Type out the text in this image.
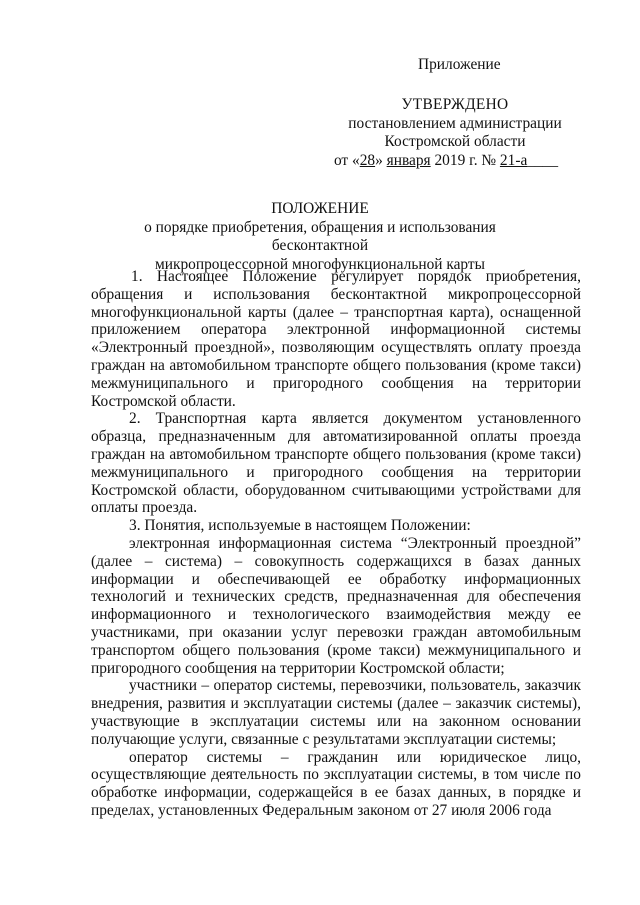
Приложение
УТВЕРЖДЕНО
постановлением администрации
Костромской области
от «28» января 2019 г. № 21-а____
ПОЛОЖЕНИЕ
о порядке приобретения, обращения и использования бесконтактной
микропроцессорной многофункциональной карты

1. Настоящее Положение регулирует порядок приобретения, обращения и использования бесконтактной микропроцессорной многофункциональной карты (далее – транспортная карта), оснащенной приложением оператора электронной информационной системы «Электронный проездной», позволяющим осуществлять оплату проезда граждан на автомобильном транспорте общего пользования (кроме такси) межмуниципального и пригородного сообщения на территории Костромской области.

2. Транспортная карта является документом установленного образца, предназначенным для автоматизированной оплаты проезда граждан на автомобильном транспорте общего пользования (кроме такси) межмуниципального и пригородного сообщения на территории Костромской области, оборудованном считывающими устройствами для оплаты проезда.

3. Понятия, используемые в настоящем Положении:

электронная информационная система “Электронный проездной” (далее – система) – совокупность содержащихся в базах данных информации и обеспечивающей ее обработку информационных технологий и технических средств, предназначенная для обеспечения информационного и технологического взаимодействия между ее участниками, при оказании услуг перевозки граждан автомобильным транспортом общего пользования (кроме такси) межмуниципального и пригородного сообщения на территории Костромской области;

участники – оператор системы, перевозчики, пользователь, заказчик внедрения, развития и эксплуатации системы (далее – заказчик системы), участвующие в эксплуатации системы или на законном основании получающие услуги, связанные с результатами эксплуатации системы;

оператор системы – гражданин или юридическое лицо, осуществляющие деятельность по эксплуатации системы, в том числе по обработке информации, содержащейся в ее базах данных, в порядке и пределах, установленных Федеральным законом от 27 июля 2006 года
